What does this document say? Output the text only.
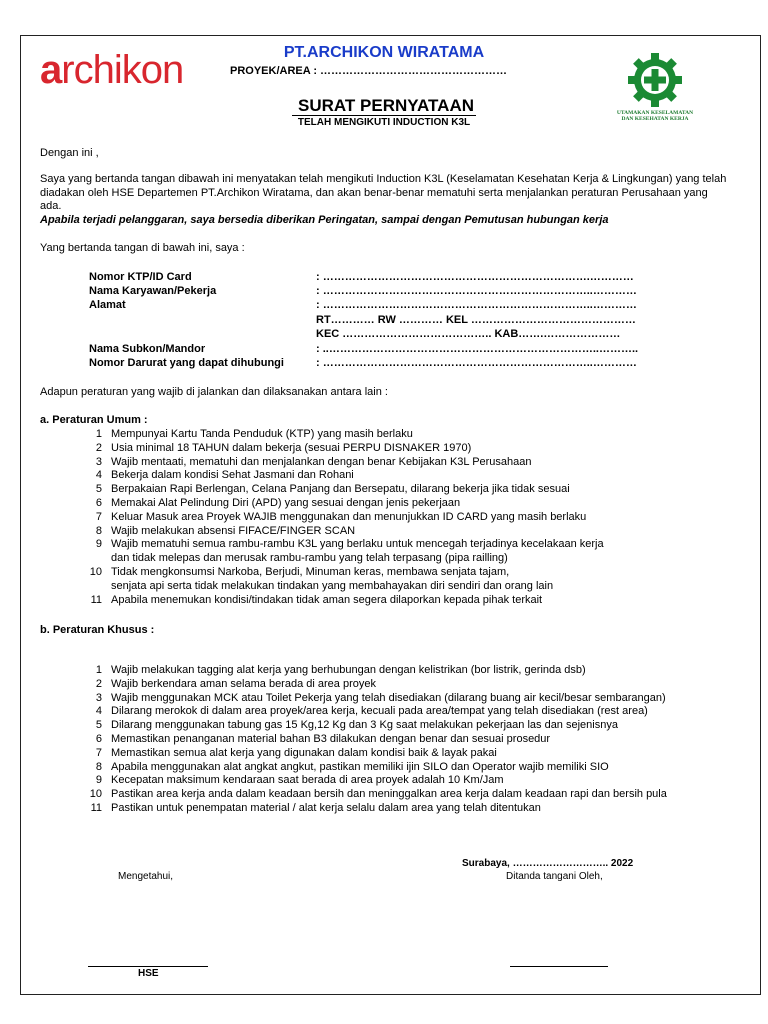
archikon	PT.ARCHIKON WIRATAMA
PROYEK/AREA : ……………………………………………
UTAMAKAN KESELAMATAN DAN KESEHATAN KERJA
SURAT PERNYATAAN
TELAH MENGIKUTI INDUCTION K3L
Dengan ini ,
Saya yang bertanda tangan dibawah ini menyatakan telah mengikuti Induction K3L (Keselamatan Kesehatan Kerja & Lingkungan) yang telah diadakan oleh HSE Departemen PT.Archikon Wiratama, dan akan benar-benar mematuhi serta menjalankan peraturan Perusahaan yang ada.
Apabila terjadi pelanggaran, saya bersedia diberikan Peringatan, sampai dengan Pemutusan hubungan kerja
Yang bertanda tangan di bawah ini, saya :
Nomor KTP/ID Card	: ……………………………………………………………….…………
Nama Karyawan/Pekerja	: ………………………………………………………………..…………
Alamat	: ………………………………………………………………..…………
RT………… RW ………… KEL ………………………………………
KEC ………………………………….. KAB…….…………………
Nama Subkon/Mandor	: ..………………………………………………………………..………..
Nomor Darurat yang dapat dihubungi	: ………………………………………………………………..…………
Adapun peraturan yang wajib di jalankan dan dilaksanakan antara lain :
a. Peraturan Umum :
1 Mempunyai Kartu Tanda Penduduk (KTP) yang masih berlaku
2 Usia minimal 18 TAHUN dalam bekerja (sesuai PERPU DISNAKER 1970)
3 Wajib mentaati, mematuhi dan menjalankan dengan benar Kebijakan K3L Perusahaan
4 Bekerja dalam kondisi Sehat Jasmani dan Rohani
5 Berpakaian Rapi Berlengan, Celana Panjang dan Bersepatu, dilarang bekerja jika tidak sesuai
6 Memakai Alat Pelindung Diri (APD) yang sesuai dengan jenis pekerjaan
7 Keluar Masuk area Proyek WAJIB menggunakan dan menunjukkan ID CARD yang masih berlaku
8 Wajib melakukan absensi FIFACE/FINGER SCAN
9 Wajib mematuhi semua rambu-rambu K3L yang berlaku untuk mencegah terjadinya kecelakaan kerja
dan tidak melepas dan merusak rambu-rambu yang telah terpasang (pipa railling)
10 Tidak mengkonsumsi Narkoba, Berjudi, Minuman keras, membawa senjata tajam,
senjata api serta tidak melakukan tindakan yang membahayakan diri sendiri dan orang lain
11 Apabila menemukan kondisi/tindakan tidak aman segera dilaporkan kepada pihak terkait
b. Peraturan Khusus :
1 Wajib melakukan tagging alat kerja yang berhubungan dengan kelistrikan (bor listrik, gerinda dsb)
2 Wajib berkendara aman selama berada di area proyek
3 Wajib menggunakan MCK atau Toilet Pekerja yang telah disediakan (dilarang buang air kecil/besar sembarangan)
4 Dilarang merokok di dalam area proyek/area kerja, kecuali pada area/tempat yang telah disediakan (rest area)
5 Dilarang menggunakan tabung gas 15 Kg,12 Kg dan 3 Kg saat melakukan pekerjaan las dan sejenisnya
6 Memastikan penanganan material bahan B3 dilakukan dengan benar dan sesuai prosedur
7 Memastikan semua alat kerja yang digunakan dalam kondisi baik & layak pakai
8 Apabila menggunakan alat angkat angkut, pastikan memiliki ijin SILO dan Operator wajib memiliki SIO
9 Kecepatan maksimum kendaraan saat berada di area proyek adalah 10 Km/Jam
10 Pastikan area kerja anda dalam keadaan bersih dan meninggalkan area kerja dalam keadaan rapi dan bersih pula
11 Pastikan untuk penempatan material / alat kerja selalu dalam area yang telah ditentukan
Surabaya, ……………………….. 2022
Mengetahui,	Ditanda tangani Oleh,
HSE
